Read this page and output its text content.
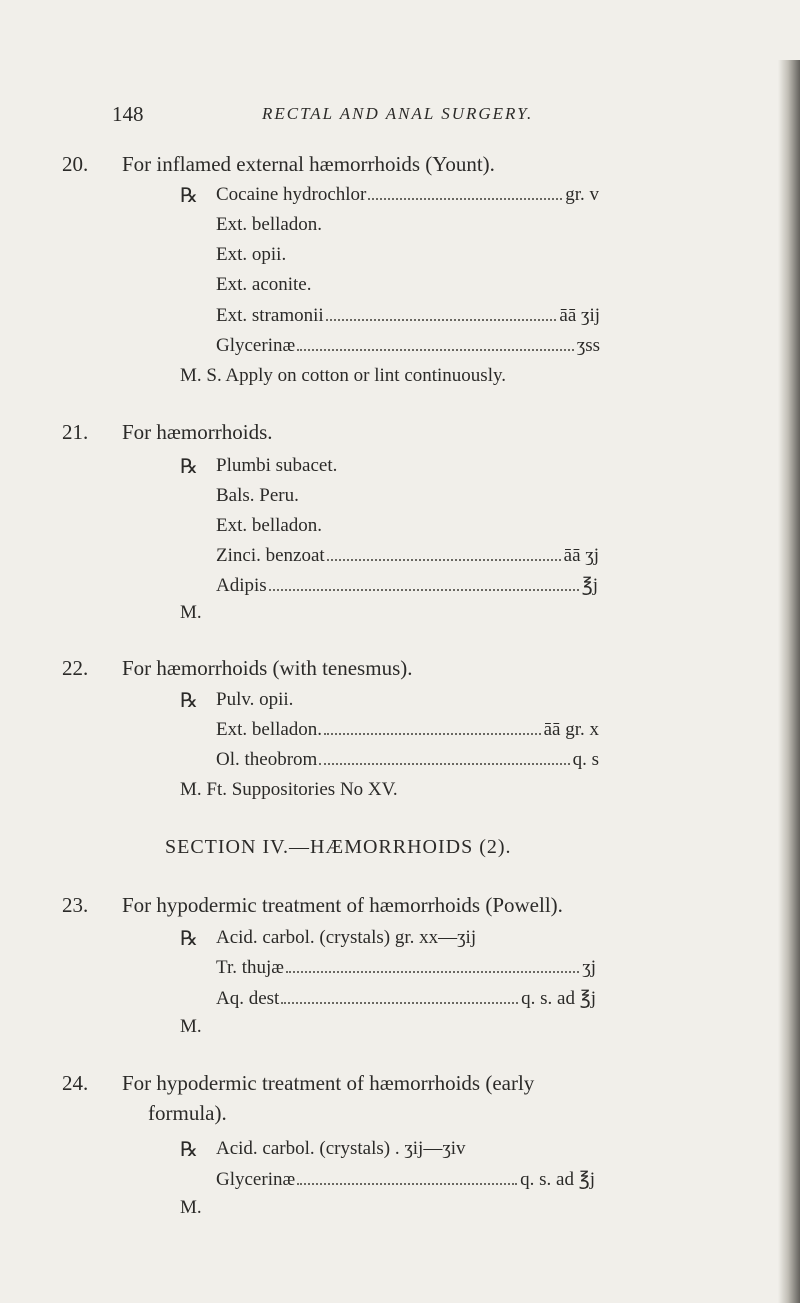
148	RECTAL AND ANAL SURGERY.
20. For inflamed external hæmorrhoids (Yount).
℞ Cocaine hydrochlor	gr. v
Ext. belladon.
Ext. opii.
Ext. aconite.
Ext. stramonii	āā ʒij
Glycerinæ	ʒss
M. S. Apply on cotton or lint continuously.
21. For hæmorrhoids.
℞ Plumbi subacet.
Bals. Peru.
Ext. belladon.
Zinci. benzoat	āā ʒj
Adipis	℥j
M.
22. For hæmorrhoids (with tenesmus).
℞ Pulv. opii.
Ext. belladon.	āā gr. x
Ol. theobrom	q. s
M. Ft. Suppositories No XV.
SECTION IV.—HÆMORRHOIDS (2).
23. For hypodermic treatment of hæmorrhoids (Powell).
℞ Acid. carbol. (crystals) gr. xx—ʒij
Tr. thujæ	ʒj
Aq. dest	q. s. ad ℥j
M.
24. For hypodermic treatment of hæmorrhoids (early
formula).
℞ Acid. carbol. (crystals) . ʒij—ʒiv
Glycerinæ	q. s. ad ℥j
M.
